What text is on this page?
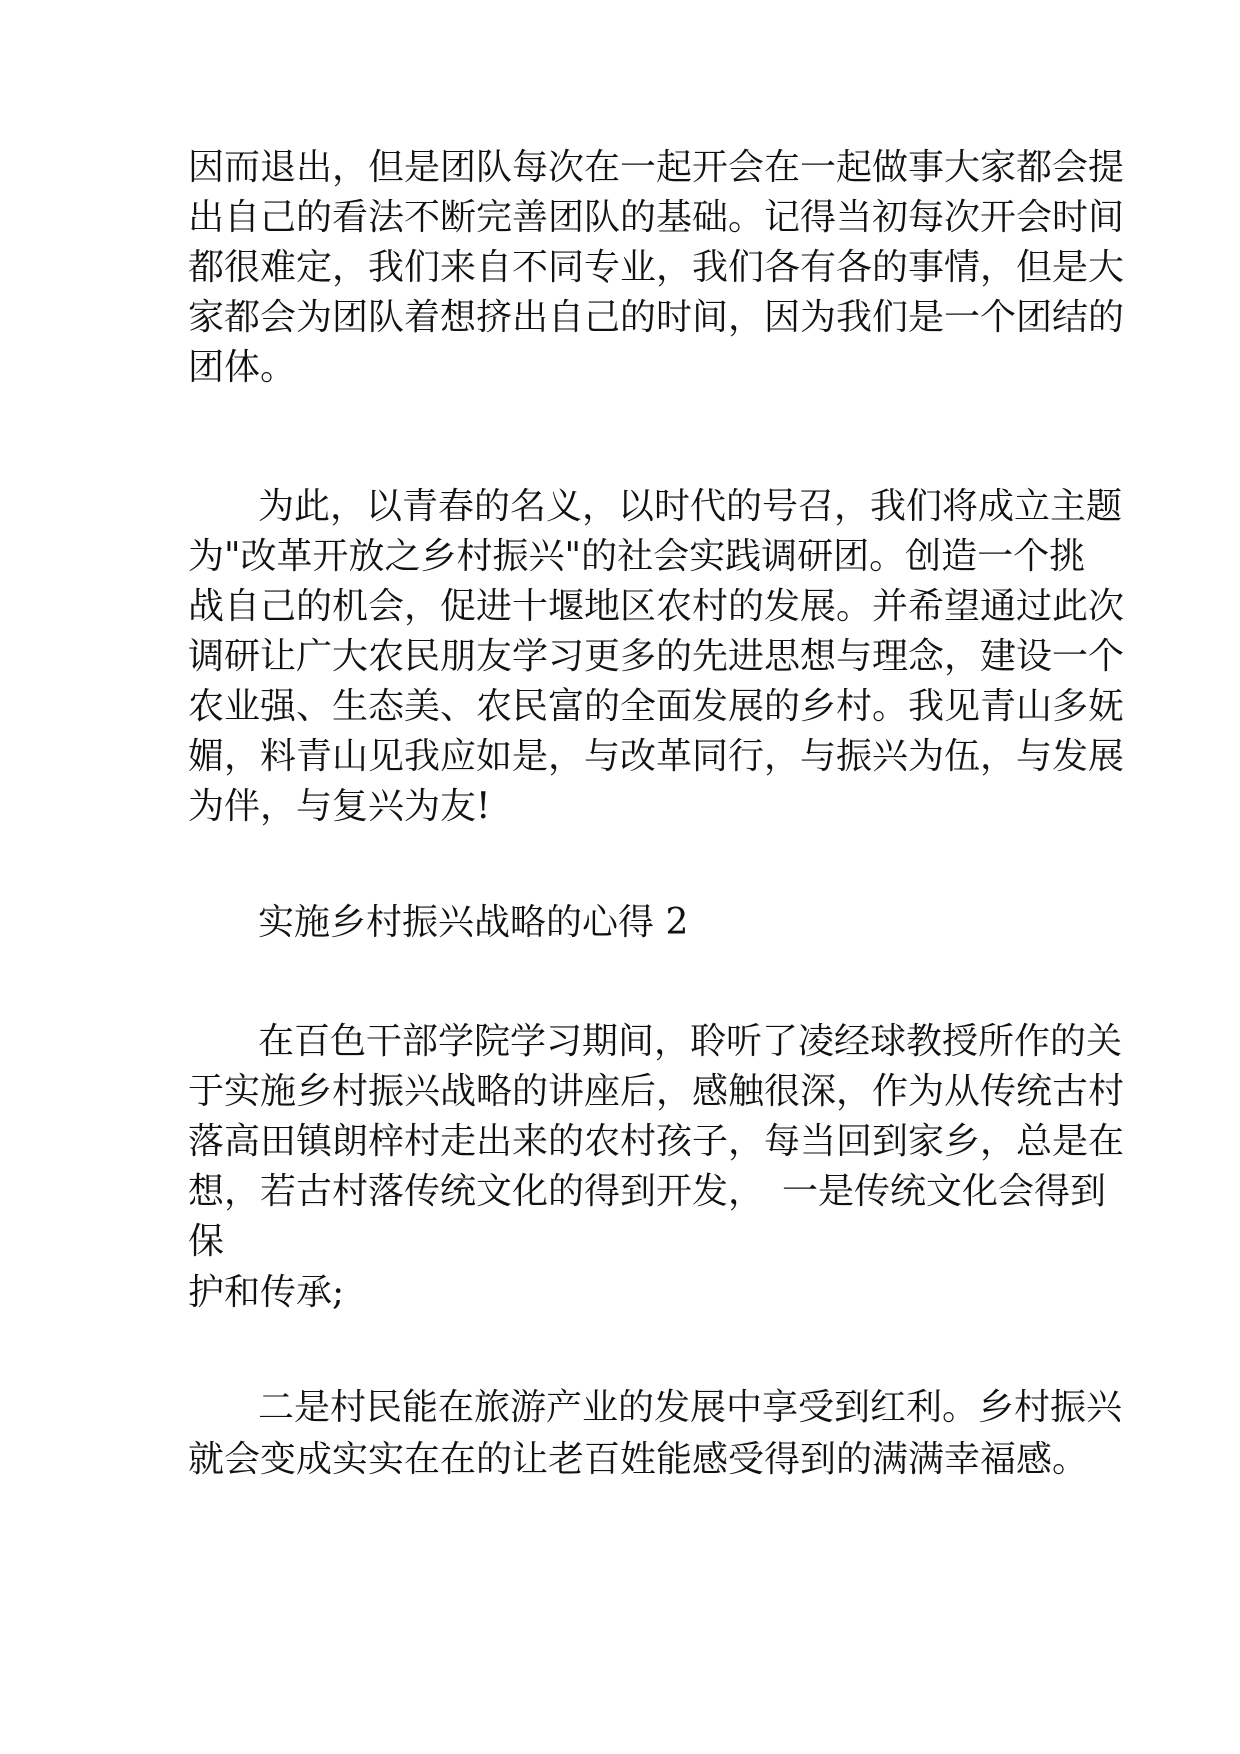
因而退出，但是团队每次在一起开会在一起做事大家都会提

出自己的看法不断完善团队的基础。记得当初每次开会时间

都很难定，我们来自不同专业，我们各有各的事情，但是大

家都会为团队着想挤出自己的时间，因为我们是一个团结的

团体。

为此，以青春的名义，以时代的号召，我们将成立主题

为"改革开放之乡村振兴"的社会实践调研团。创造一个挑

战自己的机会，促进十堰地区农村的发展。并希望通过此次

调研让广大农民朋友学习更多的先进思想与理念，建设一个

农业强、生态美、农民富的全面发展的乡村。我见青山多妩

媚，料青山见我应如是，与改革同行，与振兴为伍，与发展

为伴，与复兴为友!

实施乡村振兴战略的心得 2

在百色干部学院学习期间，聆听了凌经球教授所作的关

于实施乡村振兴战略的讲座后，感触很深，作为从传统古村

落高田镇朗梓村走出来的农村孩子，每当回到家乡，总是在

想，若古村落传统文化的得到开发，　一是传统文化会得到

保

护和传承;

二是村民能在旅游产业的发展中享受到红利。乡村振兴

就会变成实实在在的让老百姓能感受得到的满满幸福感。
